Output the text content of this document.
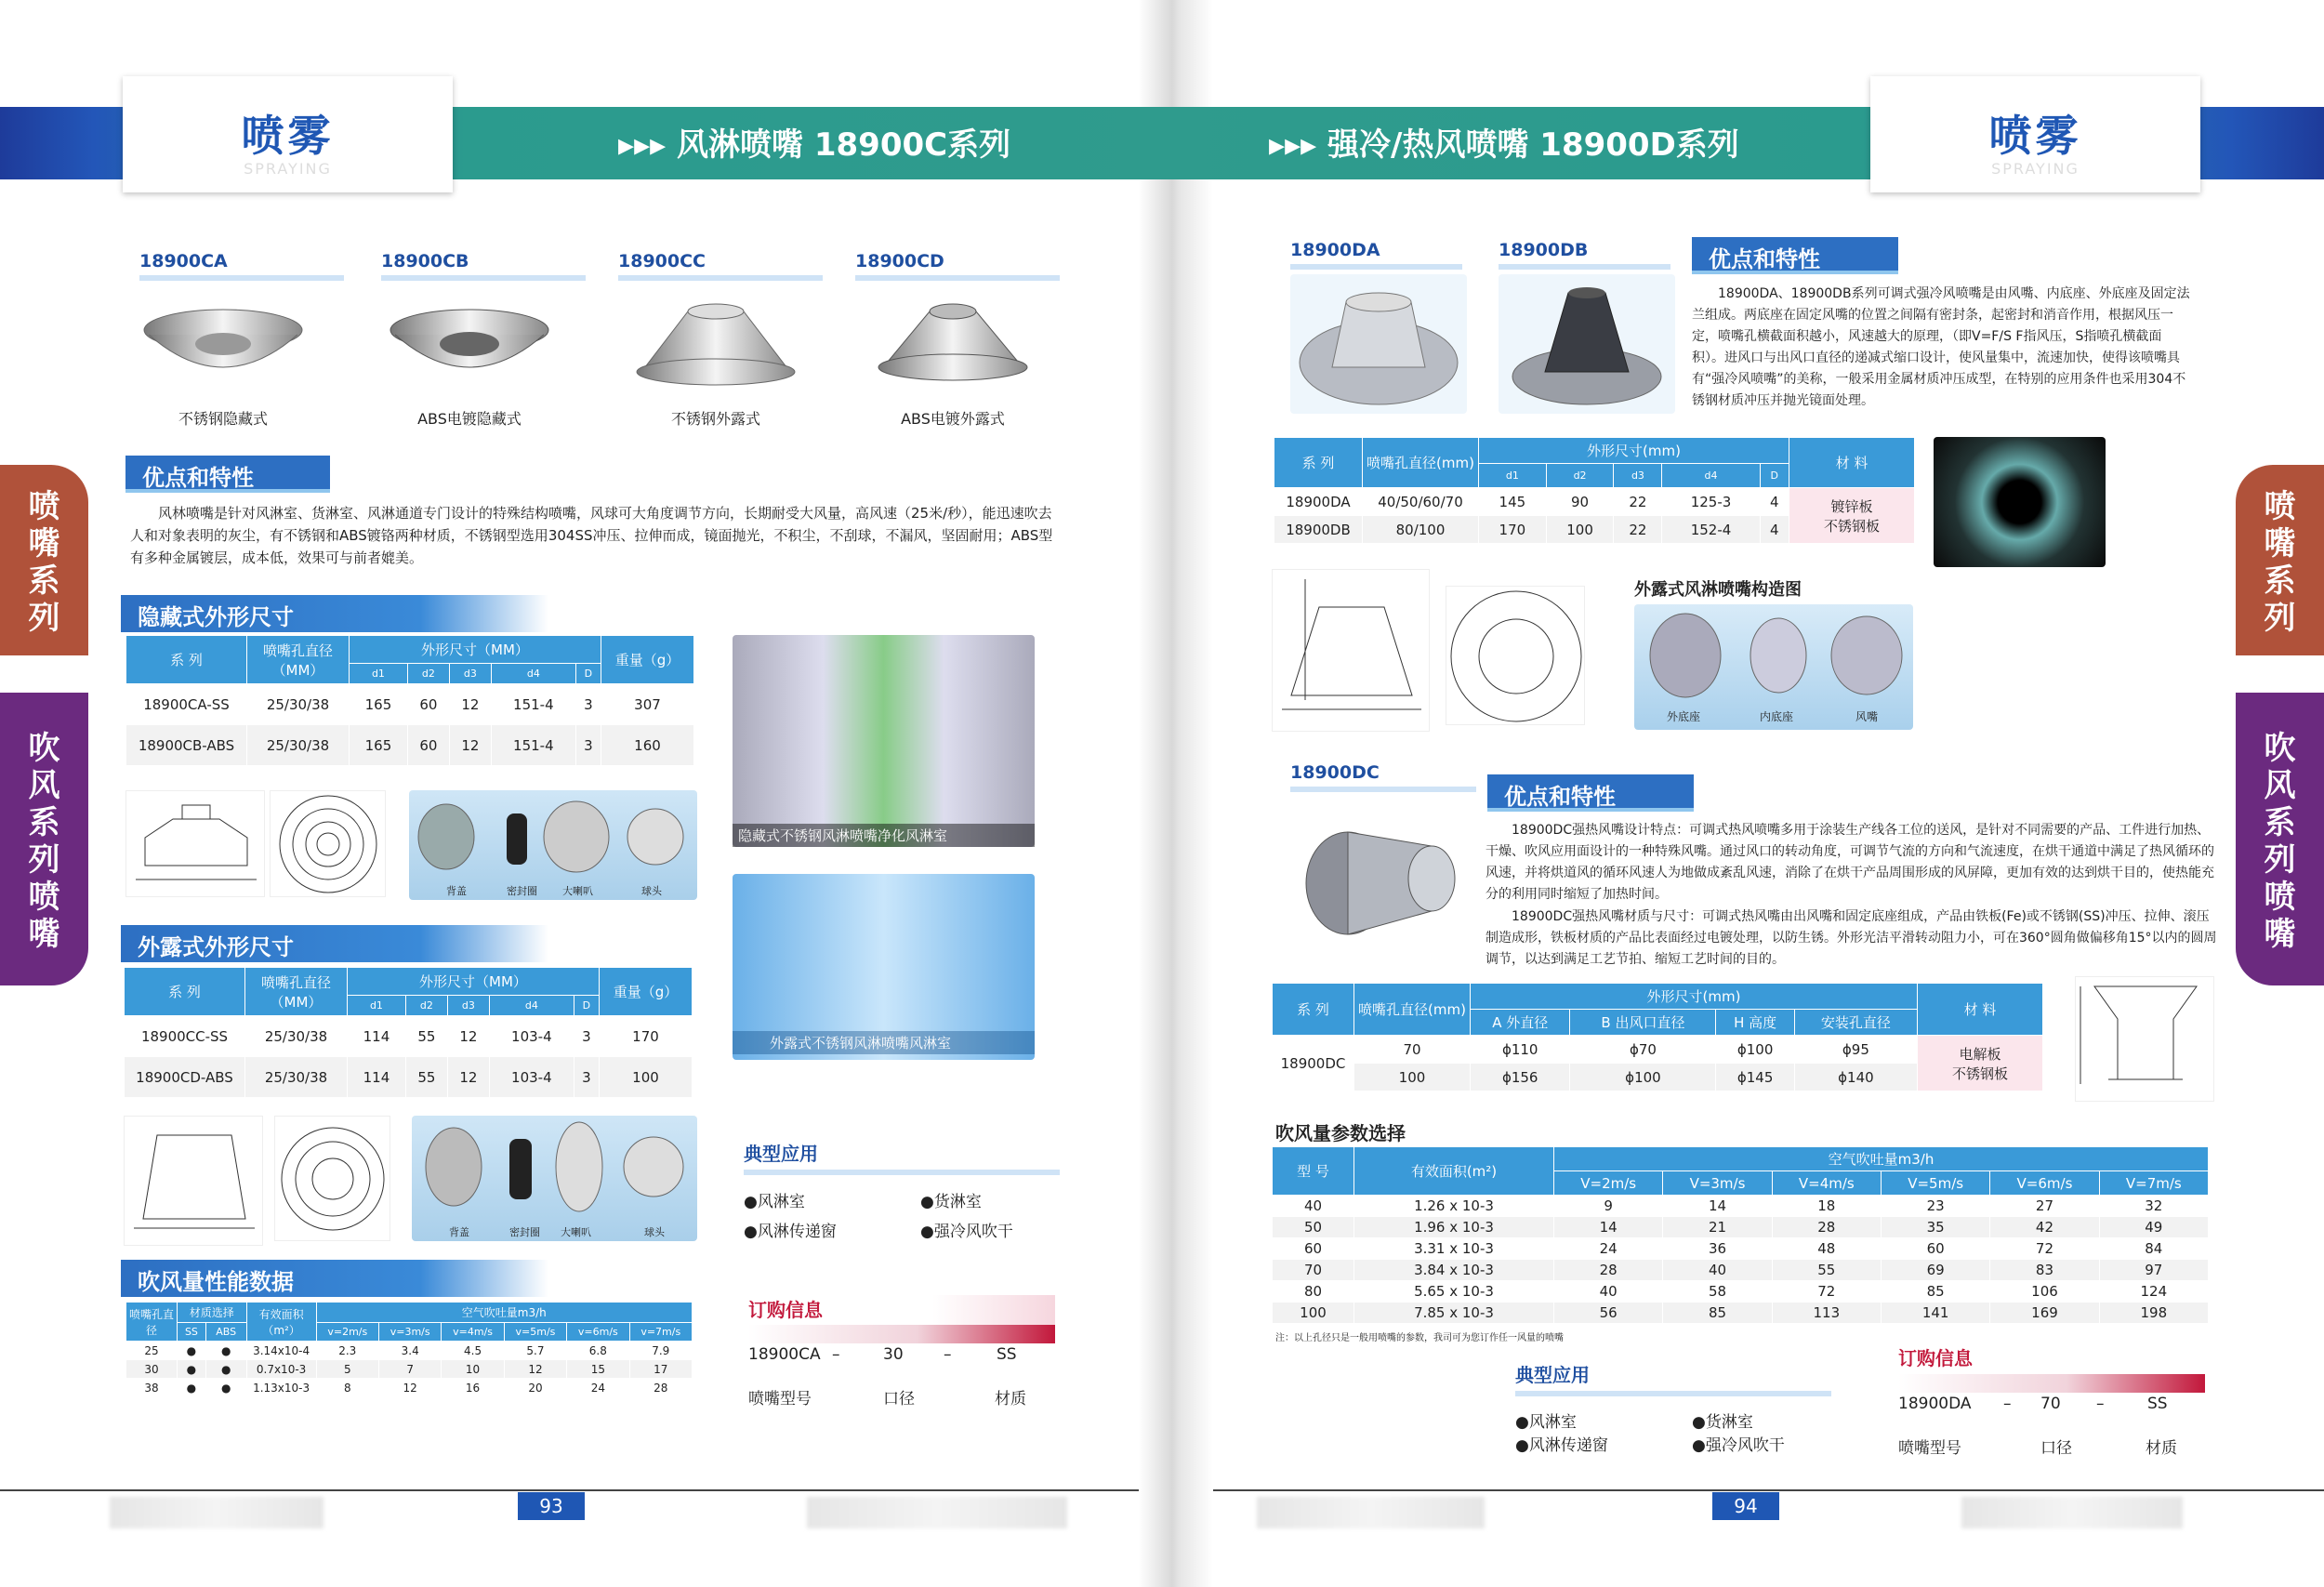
喷雾
SPRAYING
▸▸▸ 风淋喷嘴 18900C系列	▸▸▸ 强冷/热风喷嘴 18900D系列	喷雾
SPRAYING
喷嘴系列
吹风系列喷嘴
喷嘴系列
吹风系列喷嘴
18900CA	18900CB	18900CC	18900CD
不锈钢隐藏式	ABS电镀隐藏式	不锈钢外露式	ABS电镀外露式
优点和特性
风林喷嘴是针对风淋室、货淋室、风淋通道专门设计的特殊结构喷嘴，风球可大角度调节方向，长期耐受大风量，高风速（25米/秒），能迅速吹去人和对象表明的灰尘，有不锈钢和ABS镀铬两种材质，不锈钢型选用304SS冲压、拉伸而成，镜面抛光，不积尘，不刮球，不漏风，坚固耐用；ABS型有多种金属镀层，成本低，效果可与前者媲美。
隐藏式外形尺寸
系 列	喷嘴孔直径（MM）	外形尺寸（MM）					重量（g）
		d1	d2	d3	d4	D	
18900CA-SS	25/30/38	165	60	12	151-4	3	307
18900CB-ABS	25/30/38	165	60	12	151-4	3	160
背盖	密封圈 大喇叭	球头
隐藏式不锈钢风淋喷嘴净化风淋室
外露式不锈钢风淋喷嘴风淋室
外露式外形尺寸
系 列	喷嘴孔直径（MM）	外形尺寸（MM）					重量（g）
		d1	d2	d3	d4	D	
18900CC-SS	25/30/38	114	55	12	103-4	3	170
18900CD-ABS	25/30/38	114	55	12	103-4	3	100
背盖	密封圈 大喇叭	球头
吹风量性能数据
喷嘴孔直径	材质选择		有效面积（m²）	空气吹吐量m3/h					
	SS	ABS		v=2m/s	v=3m/s	v=4m/s	v=5m/s	v=6m/s	v=7m/s
25	●	●	3.14x10-4	2.3	3.4	4.5	5.7	6.8	7.9
30	●	●	0.7x10-3	5	7	10	12	15	17
38	●	●	1.13x10-3	8	12	16	20	24	28
典型应用
●风淋室	●货淋室
●风淋传递窗	●强冷风吹干
订购信息
18900CA –	30	–	SS
喷嘴型号	口径	材质
18900DA	18900DB	优点和特性
18900DA、18900DB系列可调式强冷风喷嘴是由风嘴、内底座、外底座及固定法兰组成。两底座在固定风嘴的位置之间隔有密封条，起密封和消音作用，根据风压一定，喷嘴孔横截面积越小，风速越大的原理，（即V=F/S F指风压，S指喷孔横截面积）。进风口与出风口直径的递减式缩口设计，使风量集中，流速加快，使得该喷嘴具有“强冷风喷嘴”的美称，一般采用金属材质冲压成型，在特别的应用条件也采用304不锈钢材质冲压并抛光镜面处理。
系 列	喷嘴孔直径(mm)	外形尺寸(mm)					材 料
		d1	d2	d3	d4	D	
18900DA	40/50/60/70	145	90	22	125-3	4	镀锌板
不锈钢板
18900DB	80/100	170	100	22	152-4	4	
外露式风淋喷嘴构造图
外底座	内底座	风嘴
18900DC
优点和特性
18900DC强热风嘴设计特点：可调式热风喷嘴多用于涂装生产线各工位的送风，是针对不同需要的产品、工件进行加热、干燥、吹风应用面设计的一种特殊风嘴。通过风口的转动角度，可调节气流的方向和气流速度，在烘干通道中满足了热风循环的风速，并将烘道风的循环风速人为地做成紊乱风速，消除了在烘干产品周围形成的风屏障，更加有效的达到烘干目的，使热能充分的利用同时缩短了加热时间。
18900DC强热风嘴材质与尺寸：可调式热风嘴由出风嘴和固定底座组成，产品由铁板(Fe)或不锈钢(SS)冲压、拉伸、滚压制造成形，铁板材质的产品比表面经过电镀处理，以防生锈。外形光洁平滑转动阻力小，可在360°圆角做偏移角15°以内的圆周调节，以达到满足工艺节拍、缩短工艺时间的目的。
系 列	喷嘴孔直径(mm)	外形尺寸(mm)				材 料
		A 外直径	B 出风口直径	H 高度	安装孔直径	
18900DC	70	ϕ110	ϕ70	ϕ100	ϕ95	电解板
不锈钢板
	100	ϕ156	ϕ100	ϕ145	ϕ140	
吹风量参数选择
型 号	有效面积(m²)	空气吹吐量m3/h					
		V=2m/s	V=3m/s	V=4m/s	V=5m/s	V=6m/s	V=7m/s
40	1.26 x 10-3	9	14	18	23	27	32
50	1.96 x 10-3	14	21	28	35	42	49
60	3.31 x 10-3	24	36	48	60	72	84
70	3.84 x 10-3	28	40	55	69	83	97
80	5.65 x 10-3	40	58	72	85	106	124
100	7.85 x 10-3	56	85	113	141	169	198
注：以上孔径只是一般用喷嘴的参数，我司可为您订作任一风量的喷嘴
典型应用
●风淋室	●货淋室
●风淋传递窗	●强冷风吹干
订购信息
18900DA – 70 –	SS
喷嘴型号	口径	材质
93	94
